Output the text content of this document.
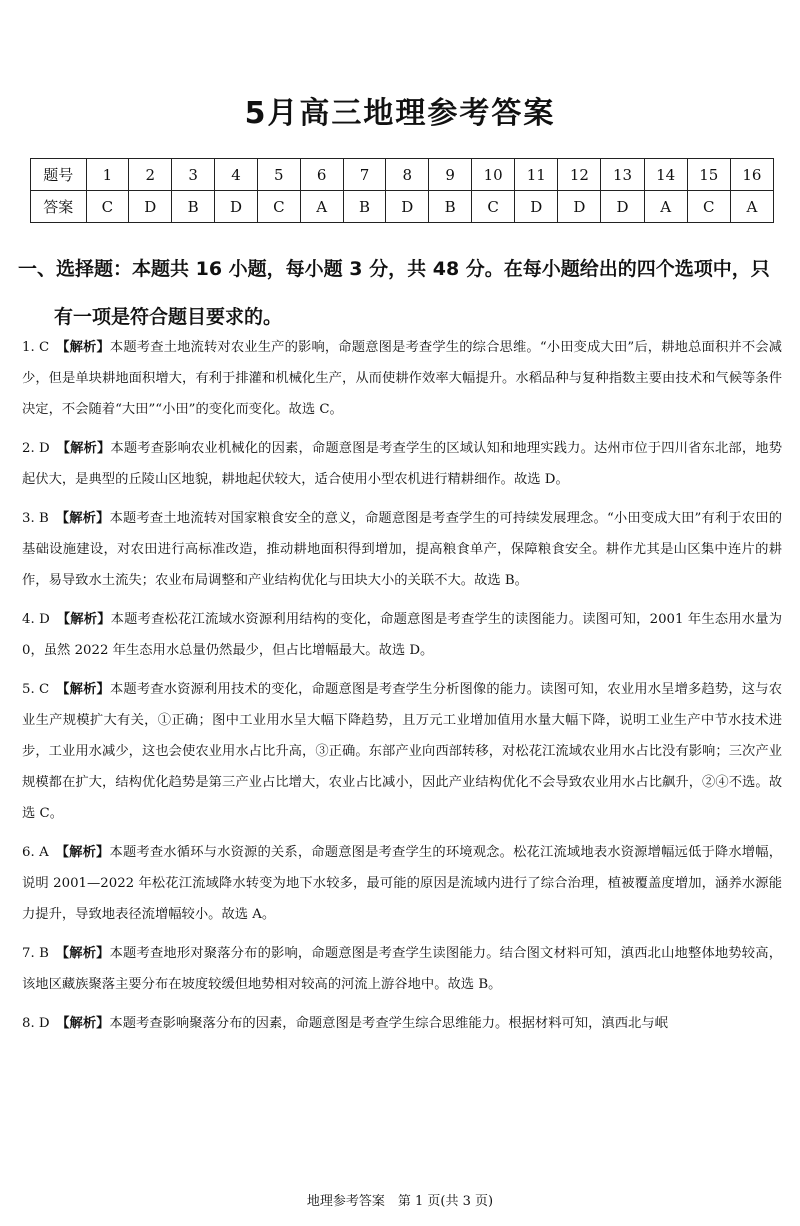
5月高三地理参考答案
题号	1	2	3	4	5	6	7	8	9	10	11	12	13	14	15	16
答案	C	D	B	D	C	A	B	D	B	C	D	D	D	A	C	A
一、选择题：本题共 16 小题，每小题 3 分，共 48 分。在每小题给出的四个选项中，只
有一项是符合题目要求的。
1. C　 【解析】本题考查土地流转对农业生产的影响，命题意图是考查学生的综合思维。“小田变成大田”后，耕地总面积并不会减少，但是单块耕地面积增大，有利于排灌和机械化生产，从而使耕作效率大幅提升。水稻品种与复种指数主要由技术和气候等条件决定，不会随着“大田”“小田”的变化而变化。故选 C。
2. D　 【解析】本题考查影响农业机械化的因素，命题意图是考查学生的区域认知和地理实践力。达州市位于四川省东北部，地势起伏大，是典型的丘陵山区地貌，耕地起伏较大，适合使用小型农机进行精耕细作。故选 D。
3. B　 【解析】本题考查土地流转对国家粮食安全的意义，命题意图是考查学生的可持续发展理念。“小田变成大田”有利于农田的基础设施建设，对农田进行高标准改造，推动耕地面积得到增加，提高粮食单产，保障粮食安全。耕作尤其是山区集中连片的耕作，易导致水土流失；农业布局调整和产业结构优化与田块大小的关联不大。故选 B。
4. D　 【解析】本题考查松花江流域水资源利用结构的变化，命题意图是考查学生的读图能力。读图可知，2001 年生态用水量为 0，虽然 2022 年生态用水总量仍然最少，但占比增幅最大。故选 D。
5. C　 【解析】本题考查水资源利用技术的变化，命题意图是考查学生分析图像的能力。读图可知，农业用水呈增多趋势，这与农业生产规模扩大有关，①正确；图中工业用水呈大幅下降趋势，且万元工业增加值用水量大幅下降，说明工业生产中节水技术进步，工业用水减少，这也会使农业用水占比升高，③正确。东部产业向西部转移，对松花江流域农业用水占比没有影响；三次产业规模都在扩大，结构优化趋势是第三产业占比增大，农业占比减小，因此产业结构优化不会导致农业用水占比飙升，②④不选。故选 C。
6. A　 【解析】本题考查水循环与水资源的关系，命题意图是考查学生的环境观念。松花江流域地表水资源增幅远低于降水增幅，说明 2001—2022 年松花江流域降水转变为地下水较多，最可能的原因是流域内进行了综合治理，植被覆盖度增加，涵养水源能力提升，导致地表径流增幅较小。故选 A。
7. B　 【解析】本题考查地形对聚落分布的影响，命题意图是考查学生读图能力。结合图文材料可知，滇西北山地整体地势较高，该地区藏族聚落主要分布在坡度较缓但地势相对较高的河流上游谷地中。故选 B。
8. D　 【解析】本题考查影响聚落分布的因素，命题意图是考查学生综合思维能力。根据材料可知，滇西北与岷
地理参考答案　第 1 页(共 3 页)
